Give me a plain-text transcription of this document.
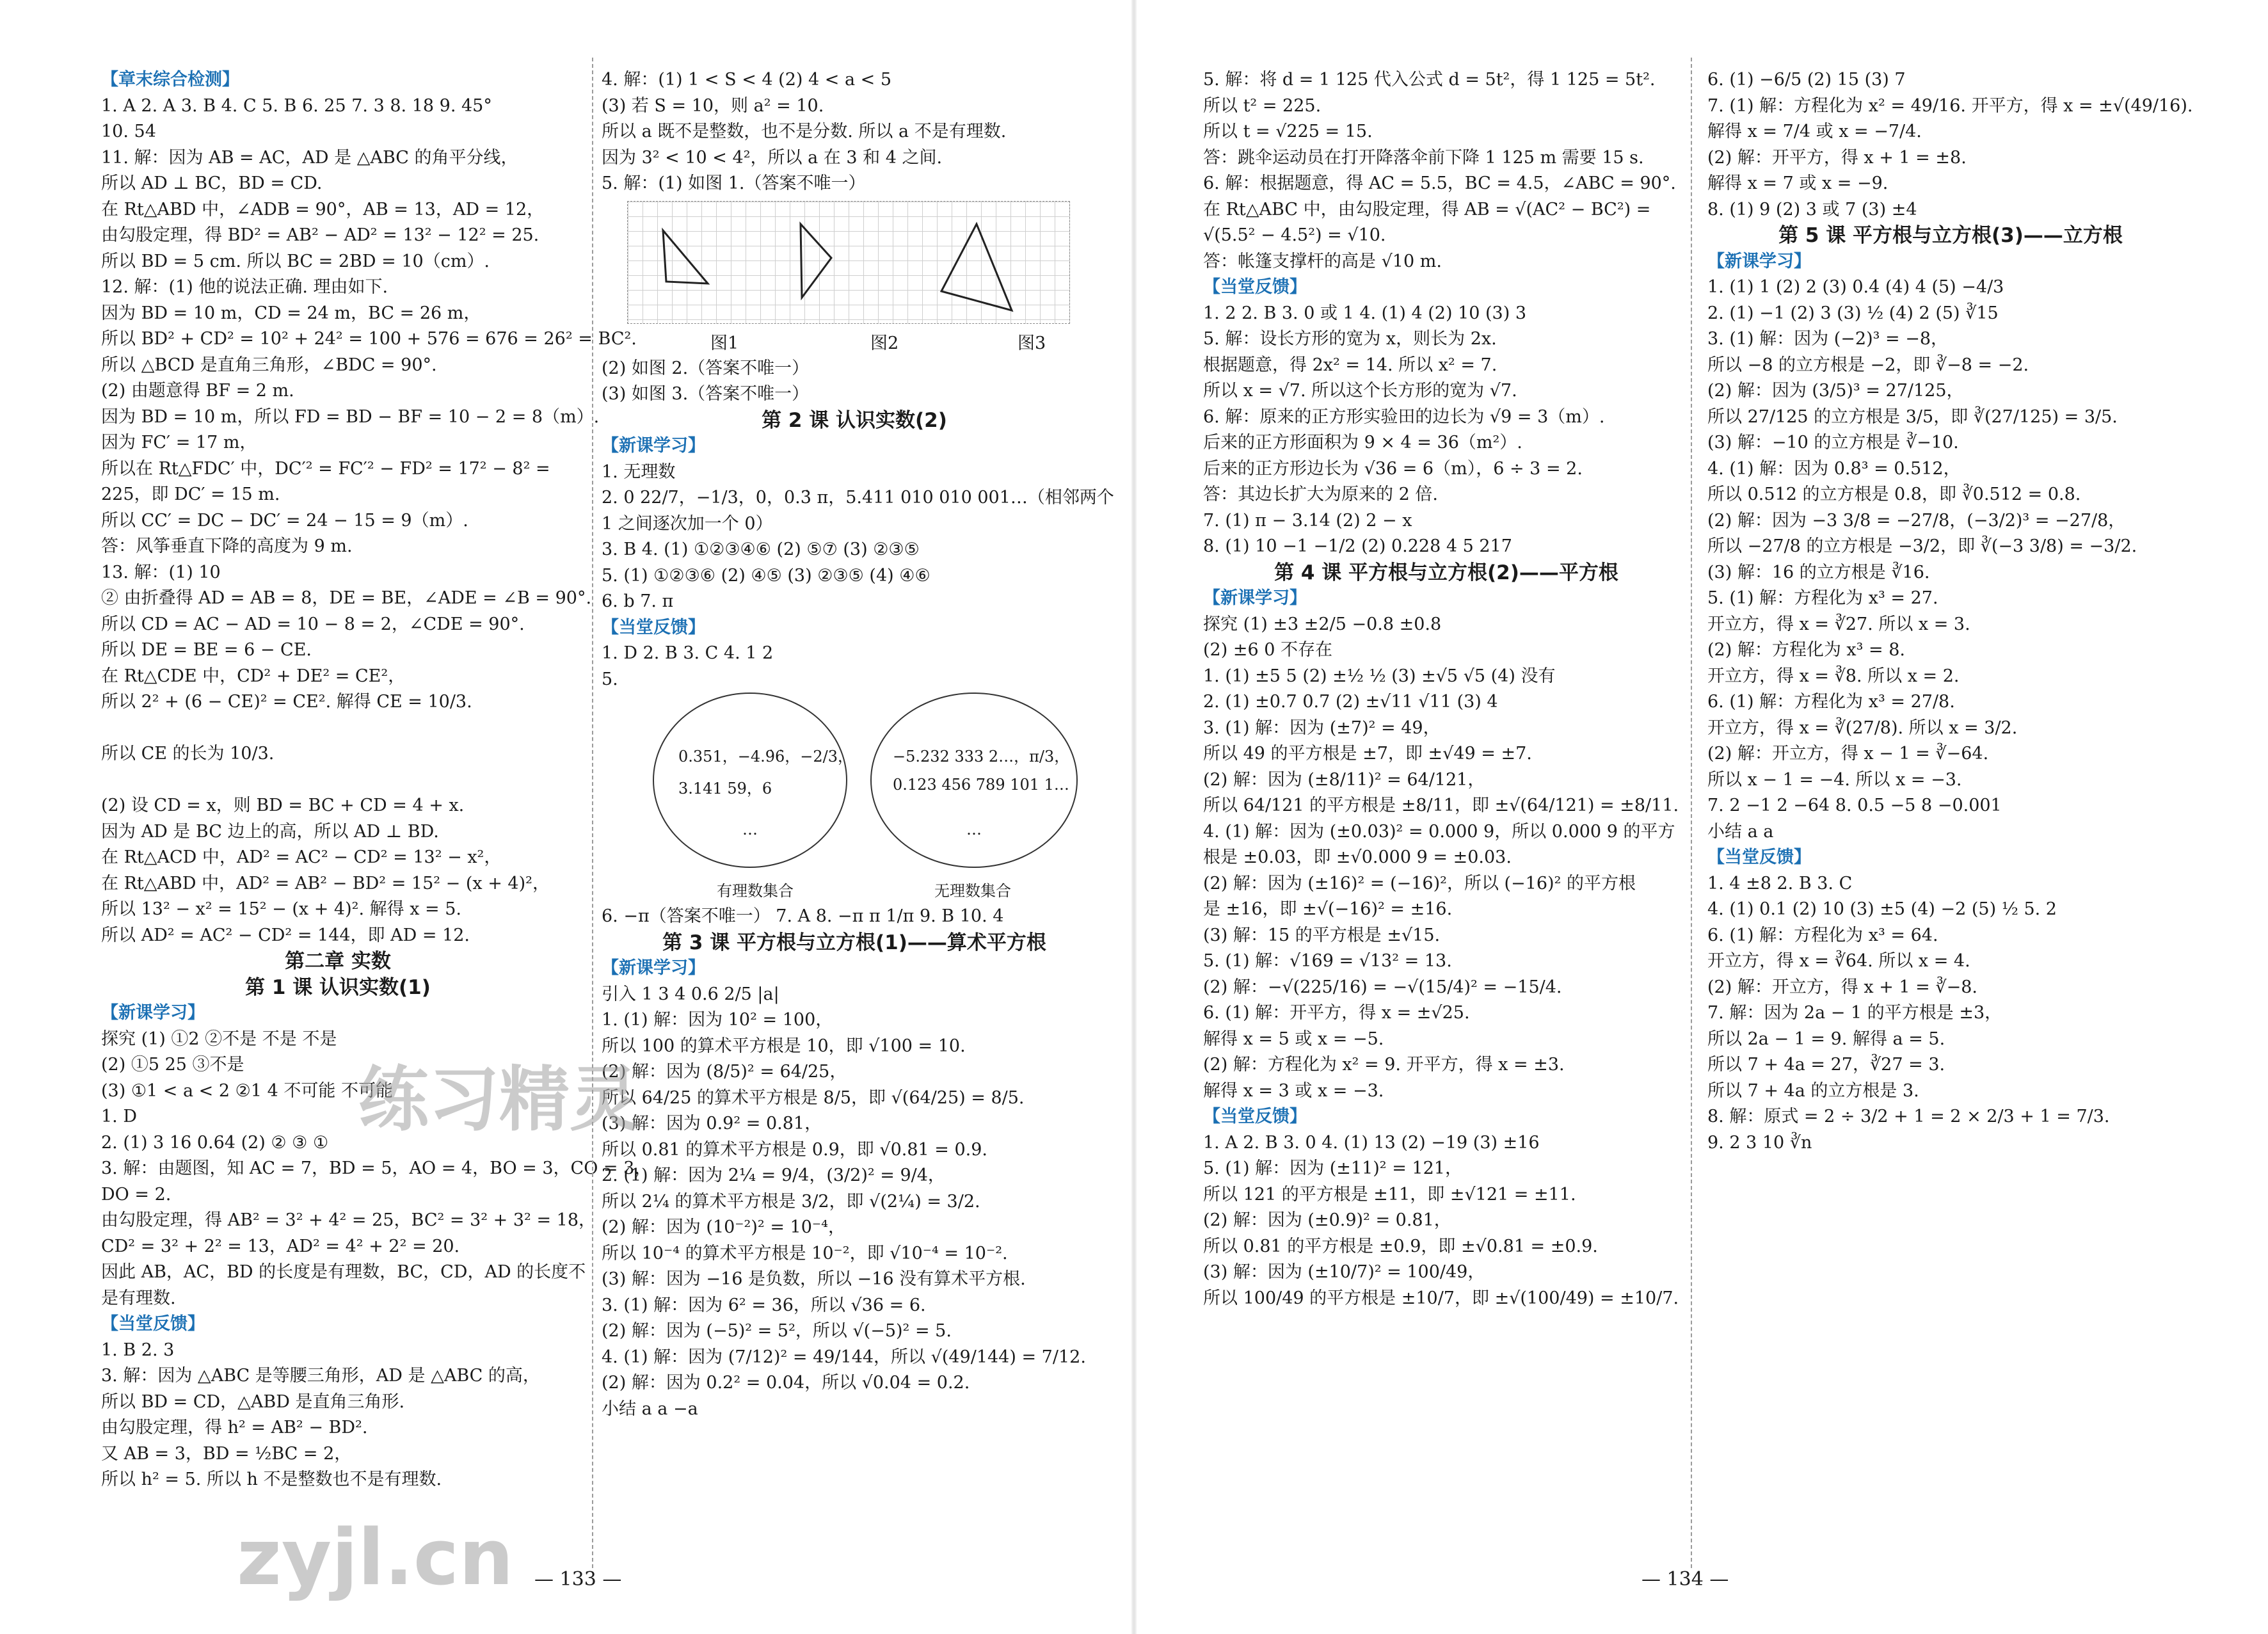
【章末综合检测】
1. A 2. A 3. B 4. C 5. B 6. 25 7. 3 8. 18 9. 45°
10. 54
11. 解：因为 AB = AC，AD 是 △ABC 的角平分线，
所以 AD ⊥ BC，BD = CD.
在 Rt△ABD 中，∠ADB = 90°，AB = 13，AD = 12，
由勾股定理，得 BD² = AB² − AD² = 13² − 12² = 25.
所以 BD = 5 cm. 所以 BC = 2BD = 10（cm）.
12. 解：(1) 他的说法正确. 理由如下.
因为 BD = 10 m，CD = 24 m，BC = 26 m，
所以 BD² + CD² = 10² + 24² = 100 + 576 = 676 = 26² = BC².
所以 △BCD 是直角三角形，∠BDC = 90°.
(2) 由题意得 BF = 2 m.
因为 BD = 10 m，所以 FD = BD − BF = 10 − 2 = 8（m）.
因为 FC′ = 17 m，
所以在 Rt△FDC′ 中，DC′² = FC′² − FD² = 17² − 8² =
225，即 DC′ = 15 m.
所以 CC′ = DC − DC′ = 24 − 15 = 9（m）.
答：风筝垂直下降的高度为 9 m.
13. 解：(1) 10
② 由折叠得 AD = AB = 8，DE = BE，∠ADE = ∠B = 90°.
所以 CD = AC − AD = 10 − 8 = 2，∠CDE = 90°.
所以 DE = BE = 6 − CE.
在 Rt△CDE 中，CD² + DE² = CE²，
所以 2² + (6 − CE)² = CE². 解得 CE = 10/3.
所以 CE 的长为 10/3.
(2) 设 CD = x，则 BD = BC + CD = 4 + x.
因为 AD 是 BC 边上的高，所以 AD ⊥ BD.
在 Rt△ACD 中，AD² = AC² − CD² = 13² − x²，
在 Rt△ABD 中，AD² = AB² − BD² = 15² − (x + 4)²，
所以 13² − x² = 15² − (x + 4)². 解得 x = 5.
所以 AD² = AC² − CD² = 144，即 AD = 12.
第二章 实数
第 1 课 认识实数(1)
【新课学习】
探究 (1) ①2 ②不是 不是 不是
(2) ①5 25 ③不是
(3) ①1 < a < 2 ②1 4 不可能 不可能
1. D
2. (1) 3 16 0.64 (2) ② ③ ①
3. 解：由题图，知 AC = 7，BD = 5，AO = 4，BO = 3，CO = 3，
DO = 2.
由勾股定理，得 AB² = 3² + 4² = 25，BC² = 3² + 3² = 18，
CD² = 3² + 2² = 13，AD² = 4² + 2² = 20.
因此 AB，AC，BD 的长度是有理数，BC，CD，AD 的长度不
是有理数.
【当堂反馈】
1. B 2. 3
3. 解：因为 △ABC 是等腰三角形，AD 是 △ABC 的高，
所以 BD = CD，△ABD 是直角三角形.
由勾股定理，得 h² = AB² − BD².
又 AB = 3，BD = ½BC = 2，
所以 h² = 5. 所以 h 不是整数也不是有理数.
4. 解：(1) 1 < S < 4 (2) 4 < a < 5
(3) 若 S = 10，则 a² = 10.
所以 a 既不是整数，也不是分数. 所以 a 不是有理数.
因为 3² < 10 < 4²，所以 a 在 3 和 4 之间.
5. 解：(1) 如图 1.（答案不唯一）
图1	图2	图3
(2) 如图 2.（答案不唯一）
(3) 如图 3.（答案不唯一）
第 2 课 认识实数(2)
【新课学习】
1. 无理数
2. 0 22/7，−1/3，0，0.3̇ π，5.411 010 010 001…（相邻两个
1 之间逐次加一个 0）
3. B 4. (1) ①②③④⑥ (2) ⑤⑦ (3) ②③⑤
5. (1) ①②③⑥ (2) ④⑤ (3) ②③⑤ (4) ④⑥
6. b 7. π
【当堂反馈】
1. D 2. B 3. C 4. 1 2
5.
0.351，−4.9̇6̇，−2/3，
3.141 59，6
…
有理数集合
−5.232 333 2…，π/3，
0.123 456 789 101 1…
…
无理数集合
6. −π（答案不唯一） 7. A 8. −π π 1/π 9. B 10. 4
第 3 课 平方根与立方根(1)——算术平方根
【新课学习】
引入 1 3 4 0.6 2/5 |a|
1. (1) 解：因为 10² = 100，
所以 100 的算术平方根是 10，即 √100 = 10.
(2) 解：因为 (8/5)² = 64/25，
所以 64/25 的算术平方根是 8/5，即 √(64/25) = 8/5.
(3) 解：因为 0.9² = 0.81，
所以 0.81 的算术平方根是 0.9，即 √0.81 = 0.9.
2. (1) 解：因为 2¼ = 9/4，(3/2)² = 9/4，
所以 2¼ 的算术平方根是 3/2，即 √(2¼) = 3/2.
(2) 解：因为 (10⁻²)² = 10⁻⁴，
所以 10⁻⁴ 的算术平方根是 10⁻²，即 √10⁻⁴ = 10⁻².
(3) 解：因为 −16 是负数，所以 −16 没有算术平方根.
3. (1) 解：因为 6² = 36，所以 √36 = 6.
(2) 解：因为 (−5)² = 5²，所以 √(−5)² = 5.
4. (1) 解：因为 (7/12)² = 49/144，所以 √(49/144) = 7/12.
(2) 解：因为 0.2² = 0.04，所以 √0.04 = 0.2.
小结 a a −a
— 133 —
5. 解：将 d = 1 125 代入公式 d = 5t²，得 1 125 = 5t².
所以 t² = 225.
所以 t = √225 = 15.
答：跳伞运动员在打开降落伞前下降 1 125 m 需要 15 s.
6. 解：根据题意，得 AC = 5.5，BC = 4.5，∠ABC = 90°.
在 Rt△ABC 中，由勾股定理，得 AB = √(AC² − BC²) =
√(5.5² − 4.5²) = √10.
答：帐篷支撑杆的高是 √10 m.
【当堂反馈】
1. 2 2. B 3. 0 或 1 4. (1) 4 (2) 10 (3) 3
5. 解：设长方形的宽为 x，则长为 2x.
根据题意，得 2x² = 14. 所以 x² = 7.
所以 x = √7. 所以这个长方形的宽为 √7.
6. 解：原来的正方形实验田的边长为 √9 = 3（m）.
后来的正方形面积为 9 × 4 = 36（m²）.
后来的正方形边长为 √36 = 6（m），6 ÷ 3 = 2.
答：其边长扩大为原来的 2 倍.
7. (1) π − 3.14 (2) 2 − x
8. (1) 10 −1 −1/2 (2) 0.228 4 5 217
第 4 课 平方根与立方根(2)——平方根
【新课学习】
探究 (1) ±3 ±2/5 −0.8 ±0.8
(2) ±6 0 不存在
1. (1) ±5 5 (2) ±½ ½ (3) ±√5 √5 (4) 没有
2. (1) ±0.7 0.7 (2) ±√11 √11 (3) 4
3. (1) 解：因为 (±7)² = 49，
所以 49 的平方根是 ±7，即 ±√49 = ±7.
(2) 解：因为 (±8/11)² = 64/121，
所以 64/121 的平方根是 ±8/11，即 ±√(64/121) = ±8/11.
4. (1) 解：因为 (±0.03)² = 0.000 9，所以 0.000 9 的平方
根是 ±0.03，即 ±√0.000 9 = ±0.03.
(2) 解：因为 (±16)² = (−16)²，所以 (−16)² 的平方根
是 ±16，即 ±√(−16)² = ±16.
(3) 解：15 的平方根是 ±√15.
5. (1) 解：√169 = √13² = 13.
(2) 解：−√(225/16) = −√(15/4)² = −15/4.
6. (1) 解：开平方，得 x = ±√25.
解得 x = 5 或 x = −5.
(2) 解：方程化为 x² = 9. 开平方，得 x = ±3.
解得 x = 3 或 x = −3.
【当堂反馈】
1. A 2. B 3. 0 4. (1) 13 (2) −19 (3) ±16
5. (1) 解：因为 (±11)² = 121，
所以 121 的平方根是 ±11，即 ±√121 = ±11.
(2) 解：因为 (±0.9)² = 0.81，
所以 0.81 的平方根是 ±0.9，即 ±√0.81 = ±0.9.
(3) 解：因为 (±10/7)² = 100/49，
所以 100/49 的平方根是 ±10/7，即 ±√(100/49) = ±10/7.
6. (1) −6/5 (2) 15 (3) 7
7. (1) 解：方程化为 x² = 49/16. 开平方，得 x = ±√(49/16).
解得 x = 7/4 或 x = −7/4.
(2) 解：开平方，得 x + 1 = ±8.
解得 x = 7 或 x = −9.
8. (1) 9 (2) 3 或 7 (3) ±4
第 5 课 平方根与立方根(3)——立方根
【新课学习】
1. (1) 1 (2) 2 (3) 0.4 (4) 4 (5) −4/3
2. (1) −1 (2) 3 (3) ½ (4) 2 (5) ∛15
3. (1) 解：因为 (−2)³ = −8，
所以 −8 的立方根是 −2，即 ∛−8 = −2.
(2) 解：因为 (3/5)³ = 27/125，
所以 27/125 的立方根是 3/5，即 ∛(27/125) = 3/5.
(3) 解：−10 的立方根是 ∛−10.
4. (1) 解：因为 0.8³ = 0.512，
所以 0.512 的立方根是 0.8，即 ∛0.512 = 0.8.
(2) 解：因为 −3 3/8 = −27/8，(−3/2)³ = −27/8，
所以 −27/8 的立方根是 −3/2，即 ∛(−3 3/8) = −3/2.
(3) 解：16 的立方根是 ∛16.
5. (1) 解：方程化为 x³ = 27.
开立方，得 x = ∛27. 所以 x = 3.
(2) 解：方程化为 x³ = 8.
开立方，得 x = ∛8. 所以 x = 2.
6. (1) 解：方程化为 x³ = 27/8.
开立方，得 x = ∛(27/8). 所以 x = 3/2.
(2) 解：开立方，得 x − 1 = ∛−64.
所以 x − 1 = −4. 所以 x = −3.
7. 2 −1 2 −64 8. 0.5 −5 8 −0.001
小结 a a
【当堂反馈】
1. 4 ±8 2. B 3. C
4. (1) 0.1 (2) 10 (3) ±5 (4) −2 (5) ½ 5. 2
6. (1) 解：方程化为 x³ = 64.
开立方，得 x = ∛64. 所以 x = 4.
(2) 解：开立方，得 x + 1 = ∛−8.
7. 解：因为 2a − 1 的平方根是 ±3，
所以 2a − 1 = 9. 解得 a = 5.
所以 7 + 4a = 27，∛27 = 3.
所以 7 + 4a 的立方根是 3.
8. 解：原式 = 2 ÷ 3/2 + 1 = 2 × 2/3 + 1 = 7/3.
9. 2 3 10 ∛n
— 134 —
练习精灵
zyjl.cn
